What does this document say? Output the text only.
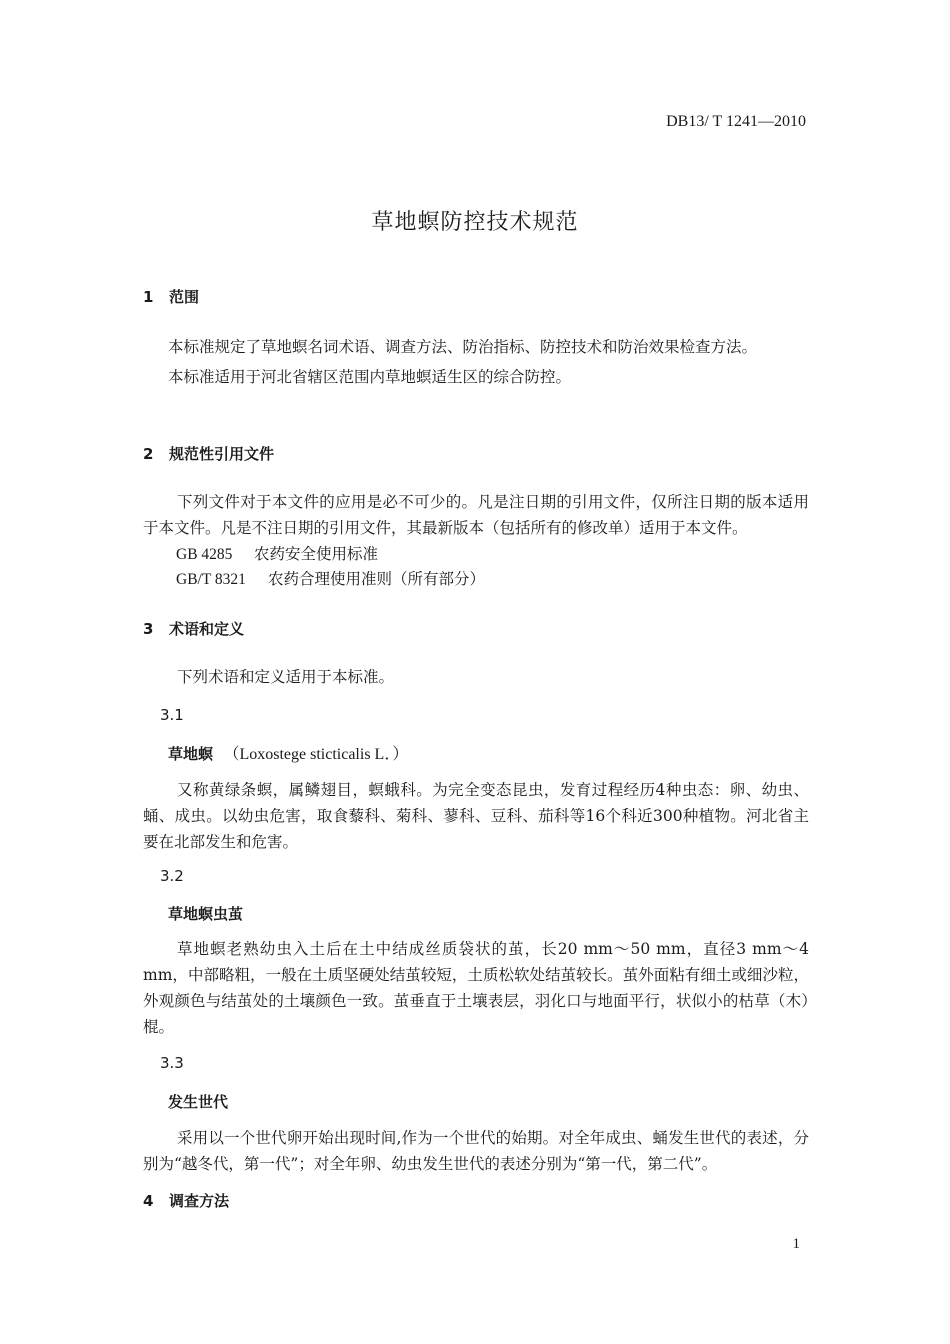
DB13/ T 1241—2010
草地螟防控技术规范
1 范围
本标准规定了草地螟名词术语、调查方法、防治指标、防控技术和防治效果检查方法。
本标准适用于河北省辖区范围内草地螟适生区的综合防控。
2 规范性引用文件
下列文件对于本文件的应用是必不可少的。凡是注日期的引用文件，仅所注日期的版本适用于本文件。凡是不注日期的引用文件，其最新版本（包括所有的修改单）适用于本文件。
GB 4285 农药安全使用标准
GB/T 8321 农药合理使用准则（所有部分）
3 术语和定义
下列术语和定义适用于本标准。
3.1
草地螟 （Loxostege sticticalis L．）
又称黄绿条螟，属鳞翅目，螟蛾科。为完全变态昆虫，发育过程经历4种虫态：卵、幼虫、蛹、成虫。以幼虫危害，取食藜科、菊科、蓼科、豆科、茄科等16个科近300种植物。河北省主要在北部发生和危害。
3.2
草地螟虫茧
草地螟老熟幼虫入土后在土中结成丝质袋状的茧，长20 mm～50 mm，直径3 mm～4 mm，中部略粗，一般在土质坚硬处结茧较短，土质松软处结茧较长。茧外面粘有细土或细沙粒，外观颜色与结茧处的土壤颜色一致。茧垂直于土壤表层，羽化口与地面平行，状似小的枯草（木）棍。
3.3
发生世代
采用以一个世代卵开始出现时间,作为一个世代的始期。对全年成虫、蛹发生世代的表述，分别为“越冬代，第一代”；对全年卵、幼虫发生世代的表述分别为“第一代，第二代”。
4 调查方法
1
